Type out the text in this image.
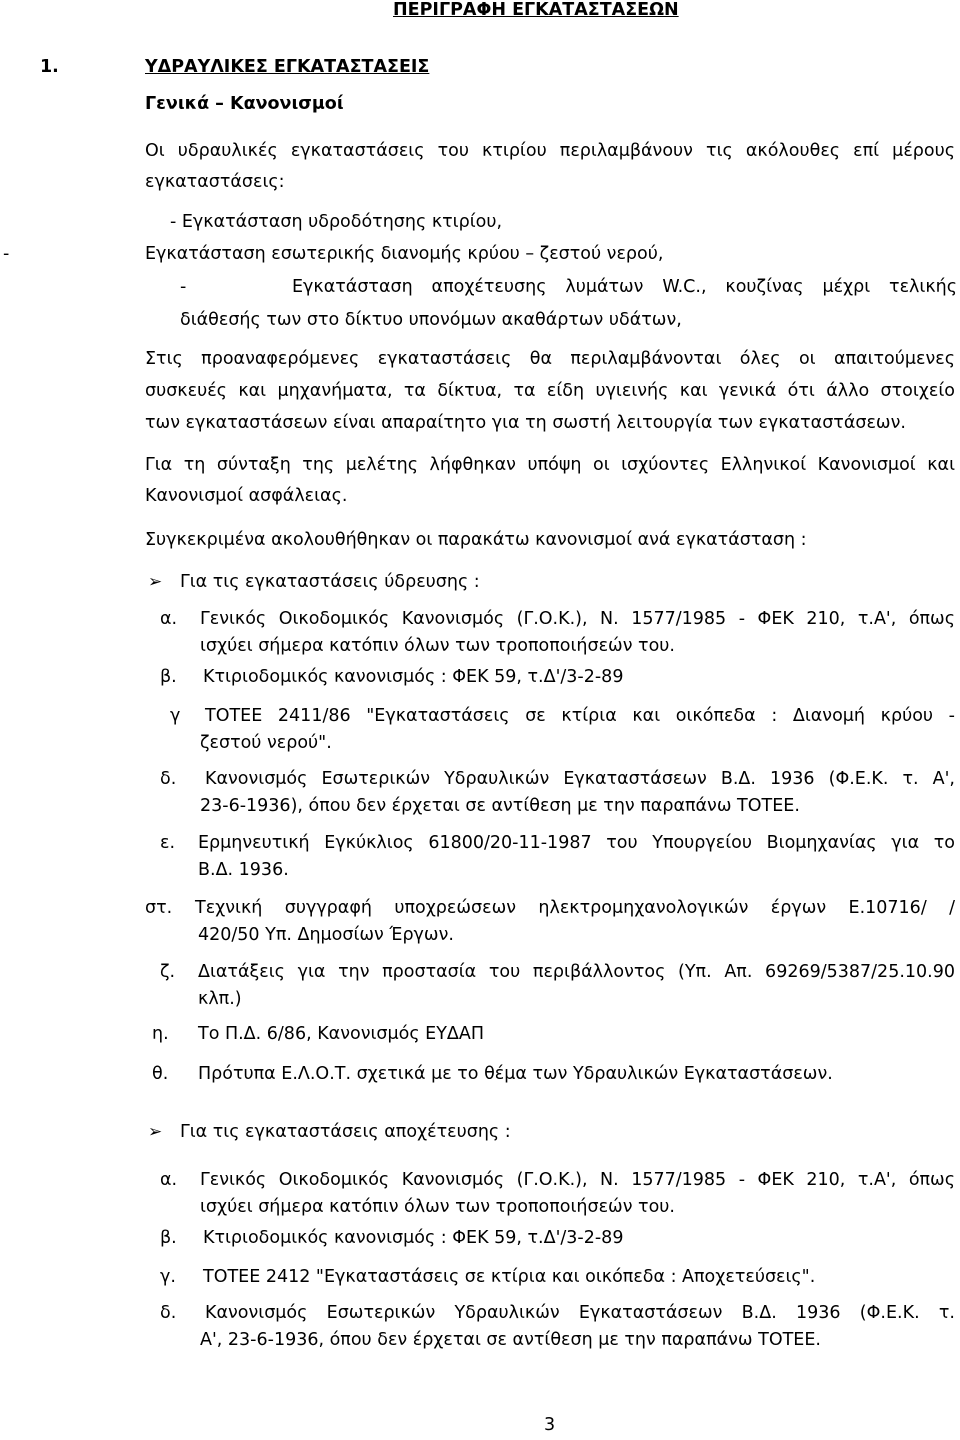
ΠΕΡΙΓΡΑΦΗ ΕΓΚΑΤΑΣΤΑΣΕΩΝ
1.	ΥΔΡΑΥΛΙΚΕΣ ΕΓΚΑΤΑΣΤΑΣΕΙΣ
Γενικά – Κανονισμοί
Οι υδραυλικές εγκαταστάσεις του κτιρίου περιλαμβάνουν τις ακόλουθες επί μέρους
εγκαταστάσεις:
- Εγκατάσταση υδροδότησης κτιρίου,
-	Εγκατάσταση εσωτερικής διανομής κρύου – ζεστού νερού,
-	Εγκατάσταση αποχέτευσης λυμάτων W.C., κουζίνας μέχρι τελικής
διάθεσής των στο δίκτυο υπονόμων ακαθάρτων υδάτων,
Στις προαναφερόμενες εγκαταστάσεις θα περιλαμβάνονται όλες οι απαιτούμενες
συσκευές και μηχανήματα, τα δίκτυα, τα είδη υγιεινής και γενικά ότι άλλο στοιχείο
των εγκαταστάσεων είναι απαραίτητο για τη σωστή λειτουργία των εγκαταστάσεων.
Για τη σύνταξη της μελέτης λήφθηκαν υπόψη οι ισχύοντες Ελληνικοί Κανονισμοί και
Κανονισμοί ασφάλειας.
Συγκεκριμένα ακολουθήθηκαν οι παρακάτω κανονισμοί ανά εγκατάσταση :
➢ Για τις εγκαταστάσεις ύδρευσης :
α. Γενικός Οικοδομικός Κανονισμός (Γ.Ο.Κ.), Ν. 1577/1985 - ΦΕΚ 210, τ.Α', όπως
ισχύει σήμερα κατόπιν όλων των τροποποιήσεών του.
β. Κτιριοδομικός κανονισμός : ΦΕΚ 59, τ.Δ'/3-2-89
γ ΤΟΤΕΕ 2411/86 "Εγκαταστάσεις σε κτίρια και οικόπεδα : Διανομή κρύου -
ζεστού νερού".
δ. Κανονισμός Εσωτερικών Υδραυλικών Εγκαταστάσεων Β.Δ. 1936 (Φ.Ε.Κ. τ. Α',
23-6-1936), όπου δεν έρχεται σε αντίθεση με την παραπάνω ΤΟΤΕΕ.
ε. Ερμηνευτική Εγκύκλιος 61800/20-11-1987 του Υπουργείου Βιομηχανίας για το
Β.Δ. 1936.
στ. Τεχνική συγγραφή υποχρεώσεων ηλεκτρομηχανολογικών έργων Ε.10716/ /
420/50 Υπ. Δημοσίων Έργων.
ζ. Διατάξεις για την προστασία του περιβάλλοντος (Υπ. Απ. 69269/5387/25.10.90
κλπ.)
η. Το Π.Δ. 6/86, Κανονισμός ΕΥΔΑΠ
θ. Πρότυπα Ε.Λ.Ο.Τ. σχετικά με το θέμα των Υδραυλικών Εγκαταστάσεων.
➢ Για τις εγκαταστάσεις αποχέτευσης :
α. Γενικός Οικοδομικός Κανονισμός (Γ.Ο.Κ.), Ν. 1577/1985 - ΦΕΚ 210, τ.Α', όπως
ισχύει σήμερα κατόπιν όλων των τροποποιήσεών του.
β. Κτιριοδομικός κανονισμός : ΦΕΚ 59, τ.Δ'/3-2-89
γ. ΤΟΤΕΕ 2412 "Εγκαταστάσεις σε κτίρια και οικόπεδα : Αποχετεύσεις".
δ. Κανονισμός Εσωτερικών Υδραυλικών Εγκαταστάσεων Β.Δ. 1936 (Φ.Ε.Κ. τ.
Α', 23-6-1936, όπου δεν έρχεται σε αντίθεση με την παραπάνω ΤΟΤΕΕ.
3
